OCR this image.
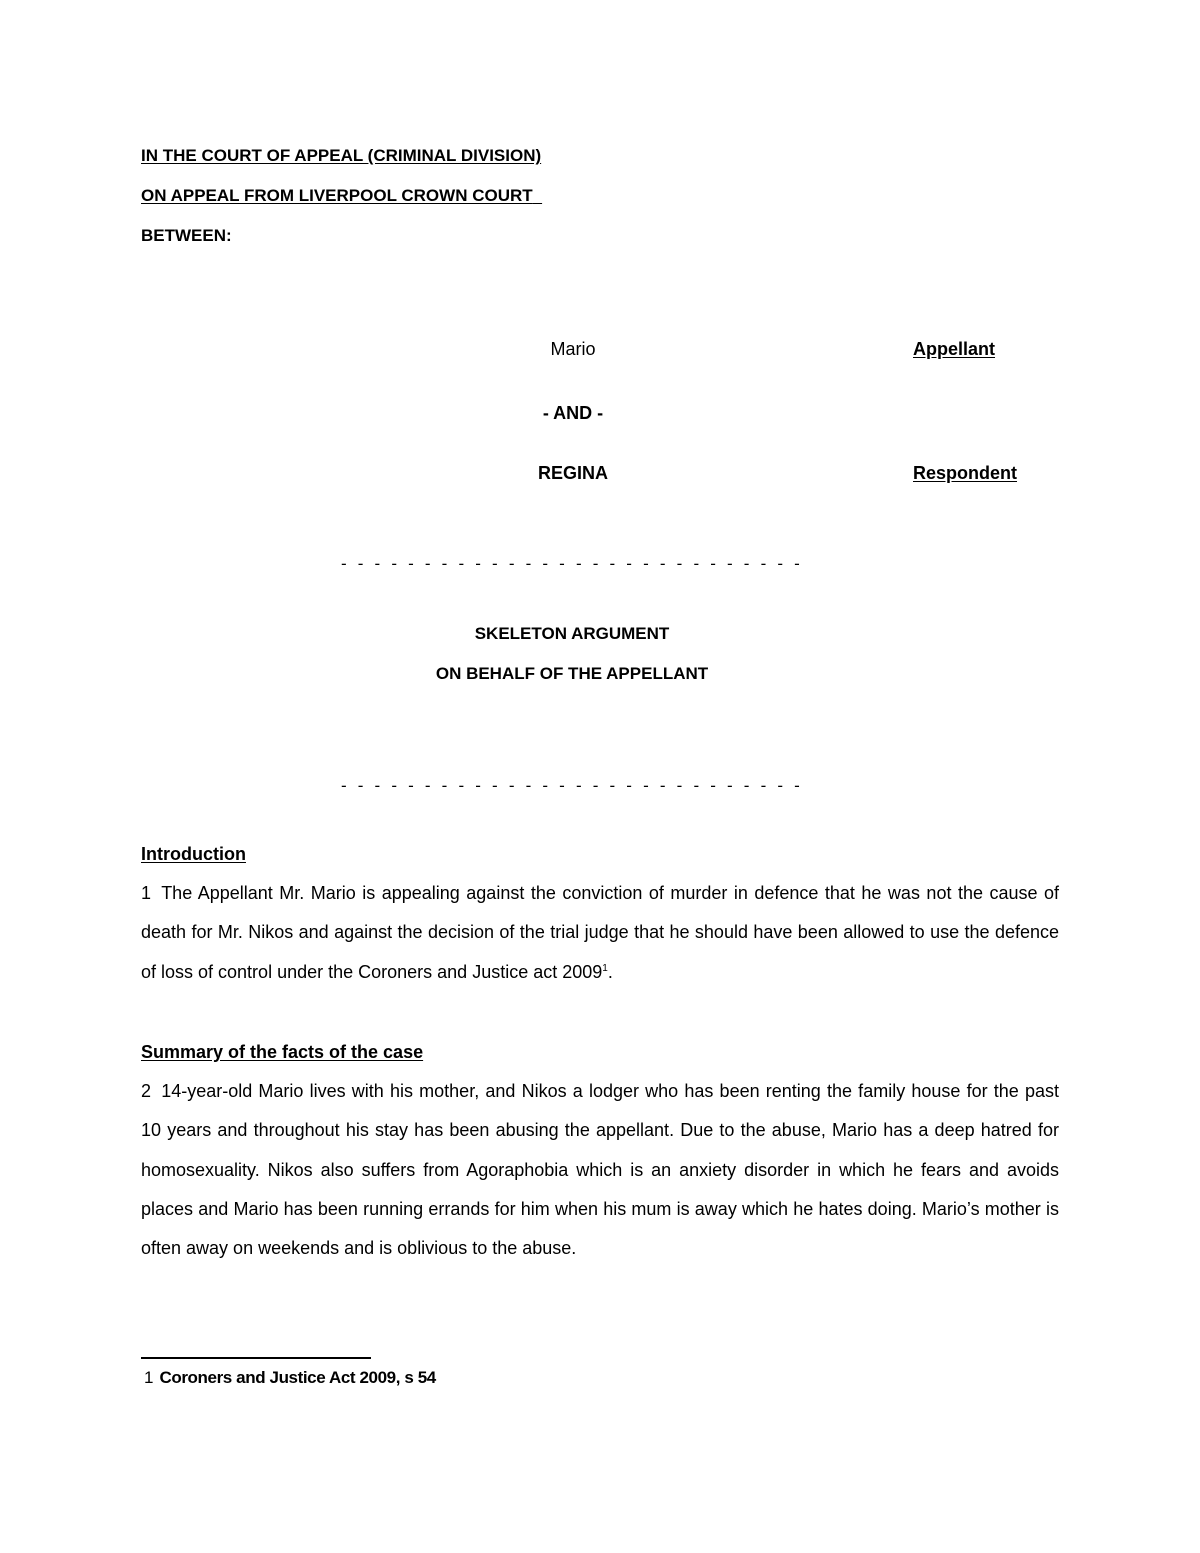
IN THE COURT OF APPEAL (CRIMINAL DIVISION)
ON APPEAL FROM LIVERPOOL CROWN COURT
BETWEEN:
Mario	Appellant
- AND -
REGINA	Respondent
- - - - - - - - - - - - - - - - - - - - - - - - - - - -
SKELETON ARGUMENT
ON BEHALF OF THE APPELLANT
- - - - - - - - - - - - - - - - - - - - - - - - - - - -
Introduction
1 The Appellant Mr. Mario is appealing against the conviction of murder in defence that he was not the cause of death for Mr. Nikos and against the decision of the trial judge that he should have been allowed to use the defence of loss of control under the Coroners and Justice act 2009$^1$.
Summary of the facts of the case
2 14-year-old Mario lives with his mother, and Nikos a lodger who has been renting the family house for the past 10 years and throughout his stay has been abusing the appellant. Due to the abuse, Mario has a deep hatred for homosexuality. Nikos also suffers from Agoraphobia which is an anxiety disorder in which he fears and avoids places and Mario has been running errands for him when his mum is away which he hates doing. Mario’s mother is often away on weekends and is oblivious to the abuse.
1 Coroners and Justice Act 2009, s 54
